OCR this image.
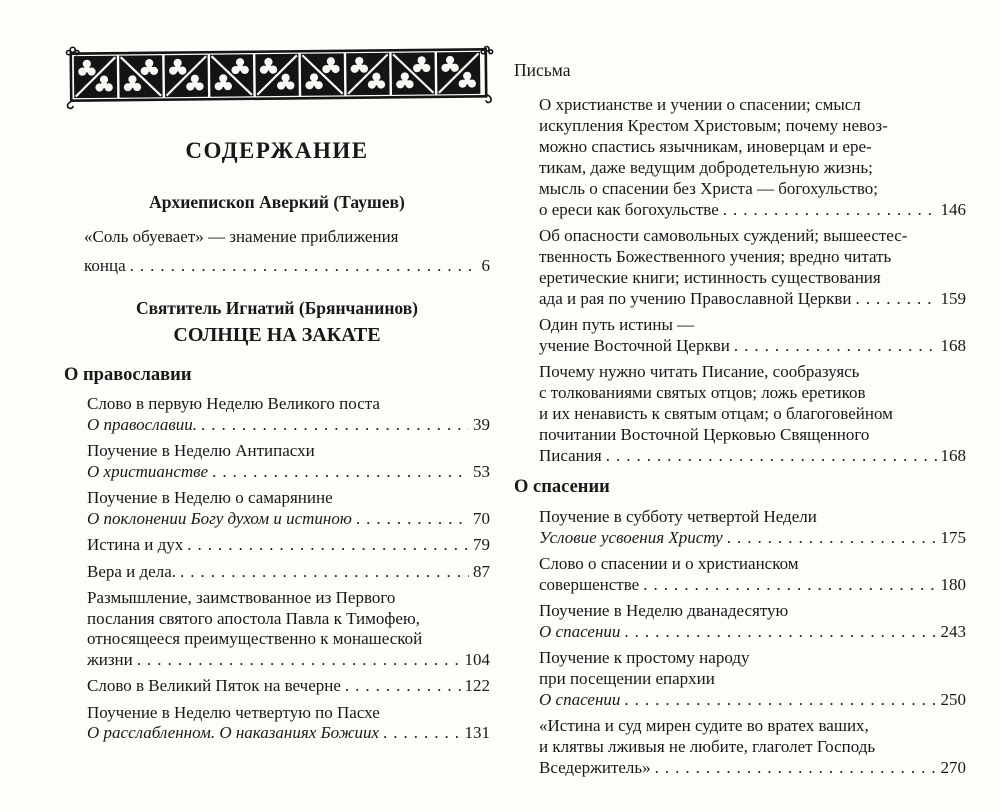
СОДЕРЖАНИЕ
Архиепископ Аверкий (Таушев)
«Соль обуевает» — знамение приближения
конца .....	6
Святитель Игнатий (Брянчанинов)
СОЛНЦЕ НА ЗАКАТЕ
О православии
Слово в первую Неделю Великого поста
О православии. .....	39
Поучение в Неделю Антипасхи
О христианстве .....	53
Поучение в Неделю о самарянине
О поклонении Богу духом и истиною .....	70
Истина и дух .....	79
Вера и дела. .....	87
Размышление, заимствованное из Первого
послания святого апостола Павла к Тимофею,
относящееся преимущественно к монашеской
жизни .....	104
Слово в Великий Пяток на вечерне .....	122
Поучение в Неделю четвертую по Пасхе
О расслабленном. О наказаниях Божиих .....	131
Письма
О христианстве и учении о спасении; смысл
искупления Крестом Христовым; почему невоз-
можно спастись язычникам, иноверцам и ере-
тикам, даже ведущим добродетельную жизнь;
мысль о спасении без Христа — богохульство;
о ереси как богохульстве .....	146
Об опасности самовольных суждений; вышеестес-
твенность Божественного учения; вредно читать
еретические книги; истинность существования
ада и рая по учению Православной Церкви .....	159
Один путь истины —
учение Восточной Церкви .....	168
Почему нужно читать Писание, сообразуясь
с толкованиями святых отцов; ложь еретиков
и их ненависть к святым отцам; о благоговейном
почитании Восточной Церковью Священного
Писания .....	168
О спасении
Поучение в субботу четвертой Недели
Условие усвоения Христу .....	175
Слово о спасении и о христианском
совершенстве .....	180
Поучение в Неделю дванадесятую
О спасении .....	243
Поучение к простому народу
при посещении епархии
О спасении .....	250
«Истина и суд мирен судите во вратех ваших,
и клятвы лживыя не любите, глаголет Господь
Вседержитель» .....	270
